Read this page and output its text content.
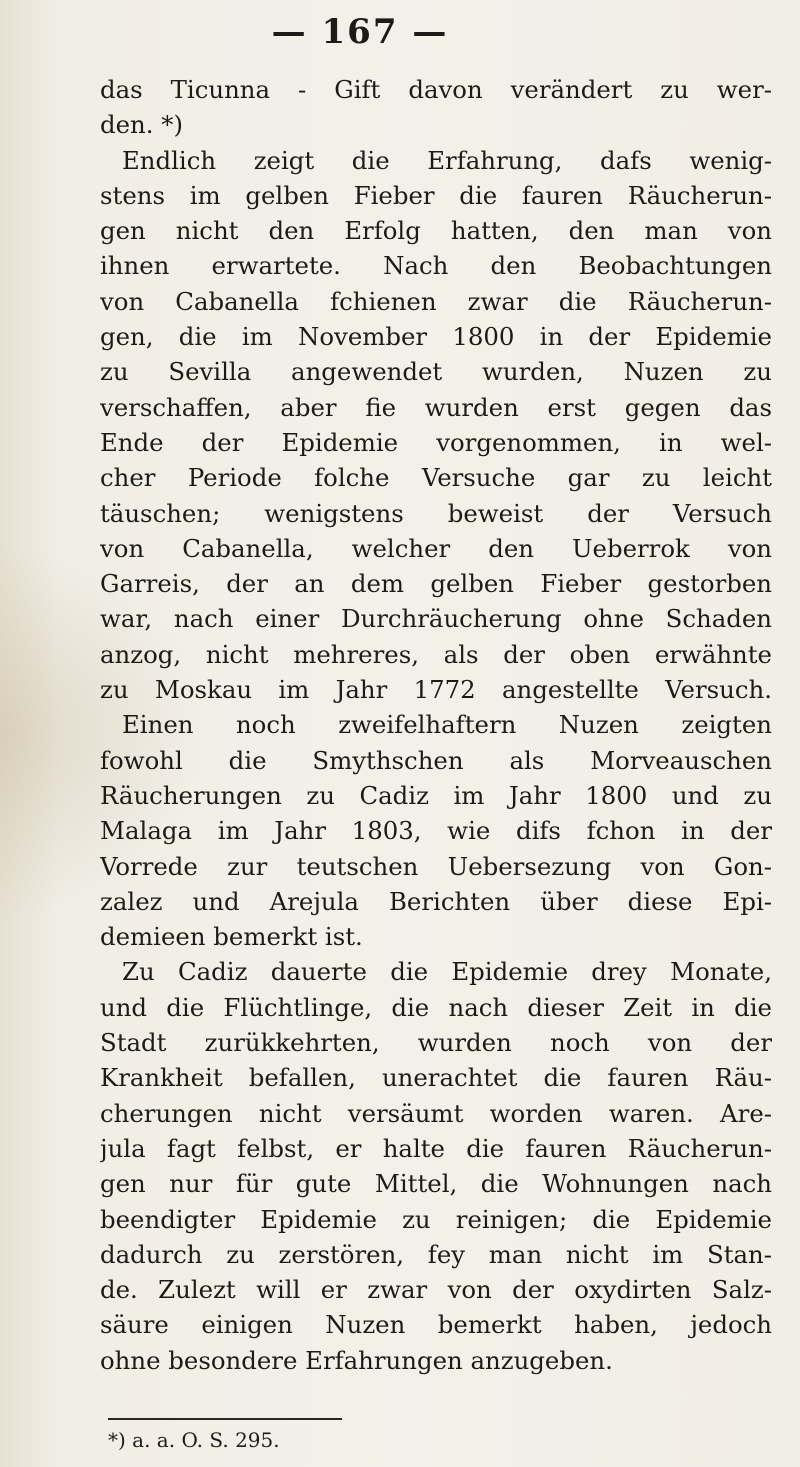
— 167 —
das Ticunna - Gift davon verändert zu wer-
den. *)
Endlich zeigt die Erfahrung, dafs wenig-
stens im gelben Fieber die fauren Räucherun-
gen nicht den Erfolg hatten, den man von
ihnen erwartete. Nach den Beobachtungen
von Cabanella fchienen zwar die Räucherun-
gen, die im November 1800 in der Epidemie
zu Sevilla angewendet wurden, Nuzen zu
verschaffen, aber fie wurden erst gegen das
Ende der Epidemie vorgenommen, in wel-
cher Periode folche Versuche gar zu leicht
täuschen; wenigstens beweist der Versuch
von Cabanella, welcher den Ueberrok von
Garreis, der an dem gelben Fieber gestorben
war, nach einer Durchräucherung ohne Schaden
anzog, nicht mehreres, als der oben erwähnte
zu Moskau im Jahr 1772 angestellte Versuch.
Einen noch zweifelhaftern Nuzen zeigten
fowohl die Smythschen als Morveauschen
Räucherungen zu Cadiz im Jahr 1800 und zu
Malaga im Jahr 1803, wie difs fchon in der
Vorrede zur teutschen Uebersezung von Gon-
zalez und Arejula Berichten über diese Epi-
demieen bemerkt ist.
Zu Cadiz dauerte die Epidemie drey Monate,
und die Flüchtlinge, die nach dieser Zeit in die
Stadt zurükkehrten, wurden noch von der
Krankheit befallen, unerachtet die fauren Räu-
cherungen nicht versäumt worden waren. Are-
jula fagt felbst, er halte die fauren Räucherun-
gen nur für gute Mittel, die Wohnungen nach
beendigter Epidemie zu reinigen; die Epidemie
dadurch zu zerstören, fey man nicht im Stan-
de. Zulezt will er zwar von der oxydirten Salz-
säure einigen Nuzen bemerkt haben, jedoch
ohne besondere Erfahrungen anzugeben.
*) a. a. O. S. 295.
